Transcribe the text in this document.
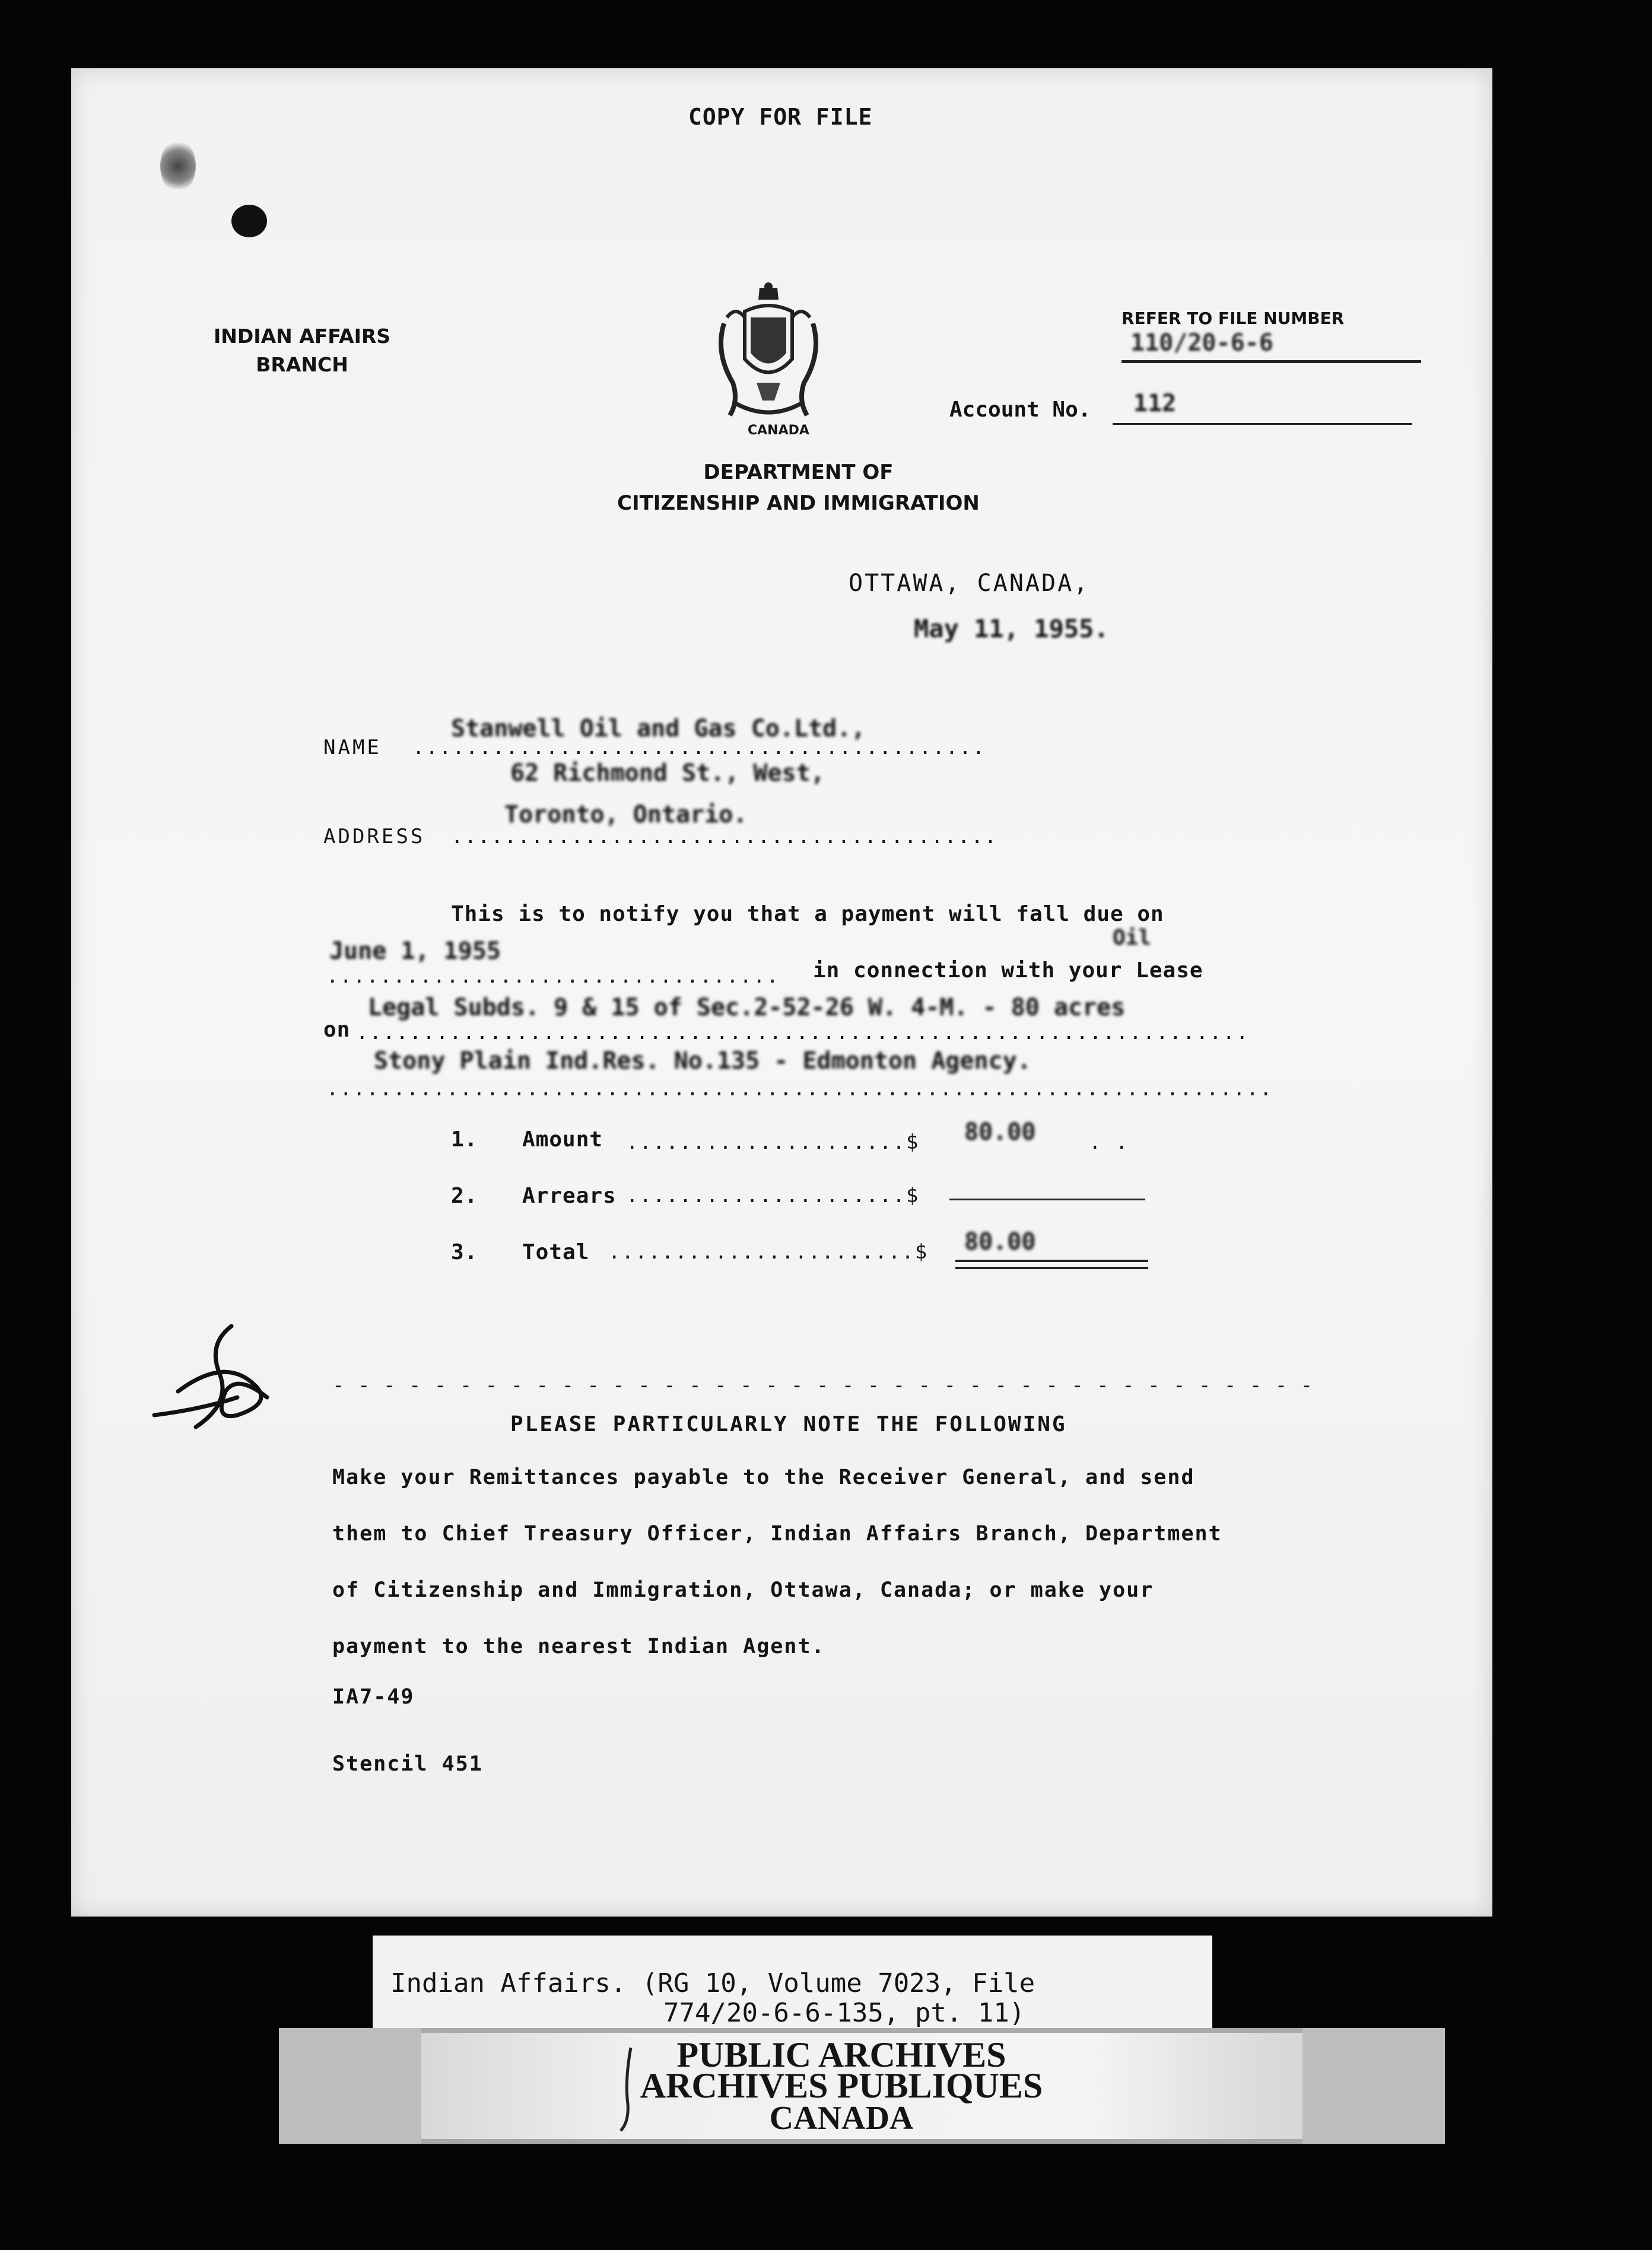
COPY FOR FILE
INDIAN AFFAIRS
BRANCH
CANADA
DEPARTMENT OF
CITIZENSHIP AND IMMIGRATION
REFER TO FILE NUMBER
110/20-6-6
Account No. 112
OTTAWA, CANADA,
May 11, 1955.
Stanwell Oil and Gas Co.Ltd.,
NAME ...........................................
62 Richmond St., West,
Toronto, Ontario.
ADDRESS .........................................
This is to notify you that a payment will fall due on
June 1, 1955	Oil
.................................. in connection with your Lease
Legal Subds. 9 & 15 of Sec.2-52-26 W. 4-M. - 80 acres
on ...................................................................
Stony Plain Ind.Res. No.135 - Edmonton Agency.
.......................................................................
1. Amount .....................$ 80.00	. .
2. Arrears .....................$
3. Total .......................$ 80.00
- - - - - - - - - - - - - - - - - - - - - - - - - - - - - - - - - - - - - - -
PLEASE PARTICULARLY NOTE THE FOLLOWING
Make your Remittances payable to the Receiver General, and send
them to Chief Treasury Officer, Indian Affairs Branch, Department
of Citizenship and Immigration, Ottawa, Canada; or make your
payment to the nearest Indian Agent.
IA7-49
Stencil 451
Indian Affairs. (RG 10, Volume 7023, File
774/20-6-6-135, pt. 11)
PUBLIC ARCHIVES
ARCHIVES PUBLIQUES
CANADA
